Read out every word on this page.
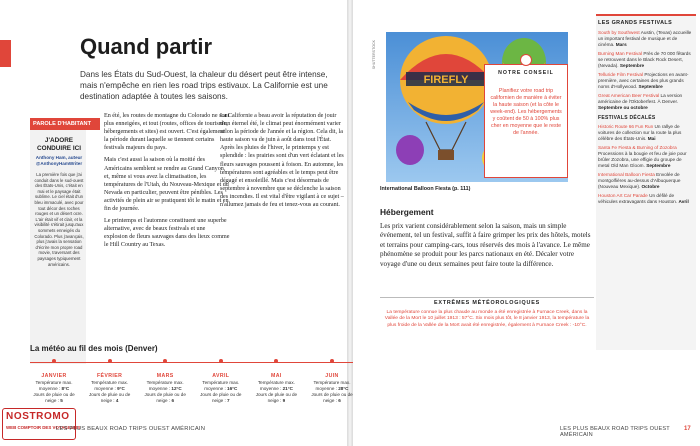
Quand partir

Dans les États du Sud-Ouest, la chaleur du désert peut être intense, mais n'empêche en rien les road trips estivaux. La Californie est une destination adaptée à toutes les saisons.

PAROLE D'HABITANT
J'ADORE CONDUIRE ICI
Anthony Ham, auteur
@AnthonyHamWriter
La première fois que j'ai conduit dans le sud-ouest des États-Unis, c'était en mai et le paysage était sublime. Le ciel était d'un bleu immaculé, avec pour tout décor des roches rouges et un désert ocre. L'air était vif et clair, et la visibilité s'étirait jusqu'aux sommets enneigés du Colorado. Plus j'avançais, plus j'avais la sensation d'écrire mon propre road movie, traversant des paysages typiquement américains.

En été, les routes de montagne du Colorado ne sont plus enneigées, et tout (routes, offices de tourisme, hébergements et sites) est ouvert. C'est également la période durant laquelle se tiennent certains festivals majeurs du pays.

Mais c'est aussi la saison où la moitié des Américains semblent se rendre au Grand Canyon, et, même si vous avez la climatisation, les températures de l'Utah, du Nouveau-Mexique et du Nevada en particulier, peuvent être pénibles. Les activités de plein air se pratiquent tôt le matin et en fin de journée.

Le printemps et l'automne constituent une superbe alternative, avec de beaux festivals et une explosion de fleurs sauvages dans des lieux comme le Hill Country au Texas.

La Californie a beau avoir la réputation de jouir d'un éternel été, le climat peut énormément varier selon la période de l'année et la région. Cela dit, la haute saison va de juin à août dans tout l'État. Après les pluies de l'hiver, le printemps y est splendide : les prairies sont d'un vert éclatant et les fleurs sauvages poussent à foison. En automne, les températures sont agréables et le temps peut être dégagé et ensoleillé. Mais c'est désormais de septembre à novembre que se déclenche la saison des incendies. Il est vital d'être vigilant à ce sujet – n'allumez jamais de feu et tenez-vous au courant.

La météo au fil des mois (Denver)
NOSTROMO
WEB COMPTOIR DES VOYAGEURS
LES PLUS BEAUX ROAD TRIPS OUEST AMÉRICAIN
JANVIER
Température max. moyenne : 8°C
Jours de pluie ou de neige : 5
FÉVRIER
Température max. moyenne : 9°C
Jours de pluie ou de neige : 4
MARS
Température max. moyenne : 12°C
Jours de pluie ou de neige : 6
AVRIL
Température max. moyenne : 16°C
Jours de pluie ou de neige : 7
MAI
Température max. moyenne : 21°C
Jours de pluie ou de neige : 9
JUIN
Température max. moyenne : 28°C
Jours de pluie ou de neige : 6
SHUTTERSTOCK
FIREFLY
International Balloon Fiesta (p. 111)
NOTRE CONSEIL
Planifiez votre road trip californien de manière à éviter la haute saison (et la côte le week-end). Les hébergements y coûtent de 50 à 100% plus cher en moyenne que le reste de l'année.
Hébergement
Les prix varient considérablement selon la saison, mais un simple événement, tel un festival, suffit à faire grimper les prix des hôtels, motels et terrains pour camping-cars, tous réservés des mois à l'avance. Le même phénomène se produit pour les parcs nationaux en été. Décaler votre voyage d'une ou deux semaines peut faire toute la différence.
EXTRÊMES MÉTÉOROLOGIQUES
La température connue la plus chaude au monde a été enregistrée à Furnace Creek, dans la Vallée de la Mort le 10 juillet 1913 : 57°C. Six mois plus tôt, le 8 janvier 1913, la température la plus froide de la Vallée de la Mort avait été enregistrée, également à Furnace Creek : -10°C.
LES GRANDS FESTIVALS
South by Southwest Austin, (Texas) accueille un important festival de musique et de cinéma. Mars
Burning Man Festival Près de 70 000 fêtards se retrouvent dans le Black Rock Desert, (Nevada). Septembre
Telluride Film Festival Projections en avant-première, avec certaines des plus grands noms d'Hollywood. Septembre
Great American Beer Festival La version américaine de l'Oktoberfest. À Denver. Septembre ou octobre
FESTIVALS DÉCALÉS
Historic Route 66 Fun Run Un rallye de voitures de collection sur la route la plus célèbre des États-Unis. Mai
Santa Fe Fiesta & Burning of Zozobra Processions à la bougie et feu de joie pour brûler Zozobra, une effigie du groupe de metal Old Man Gloom. Septembre
International Balloon Fiesta Envolée de montgolfières au-dessus d'Albuquerque (Nouveau Mexique). Octobre
Houston Art Car Parade Un défilé de véhicules extravagants dans Houston. Avril
LES PLUS BEAUX ROAD TRIPS OUEST AMÉRICAIN
17
